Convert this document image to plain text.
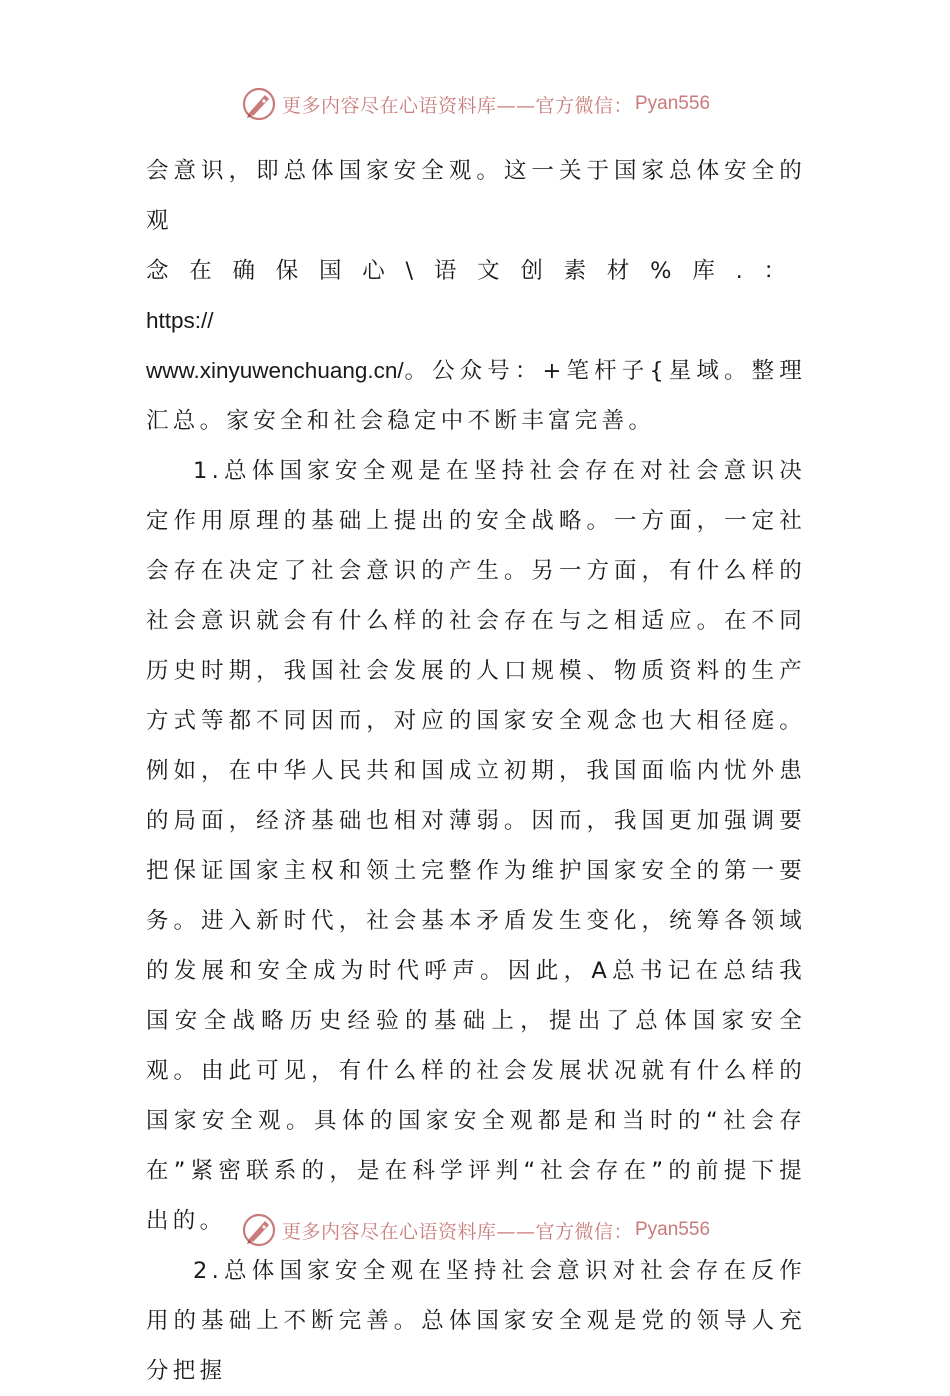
更多内容尽在心语资料库——官方微信： Pyan556

会意识，即总体国家安全观。这一关于国家总体安全的观

念在确保国心\语文创素材%库.：https://

www.xinyuwenchuang.cn/。公众号：+笔杆子{星域。整理汇总。家安全和社会稳定中不断丰富完善。

1.总体国家安全观是在坚持社会存在对社会意识决定作用原理的基础上提出的安全战略。一方面，一定社会存在决定了社会意识的产生。另一方面，有什么样的社会意识就会有什么样的社会存在与之相适应。在不同历史时期，我国社会发展的人口规模、物质资料的生产方式等都不同因而，对应的国家安全观念也大相径庭。例如，在中华人民共和国成立初期，我国面临内忧外患的局面，经济基础也相对薄弱。因而，我国更加强调要把保证国家主权和领土完整作为维护国家安全的第一要务。进入新时代，社会基本矛盾发生变化，统筹各领域的发展和安全成为时代呼声。因此，A总书记在总结我国安全战略历史经验的基础上，提出了总体国家安全观。由此可见，有什么样的社会发展状况就有什么样的国家安全观。具体的国家安全观都是和当时的“社会存在”紧密联系的，是在科学评判“社会存在”的前提下提出的。

2.总体国家安全观在坚持社会意识对社会存在反作用的基础上不断完善。总体国家安全观是党的领导人充分把握

更多内容尽在心语资料库——官方微信： Pyan556
